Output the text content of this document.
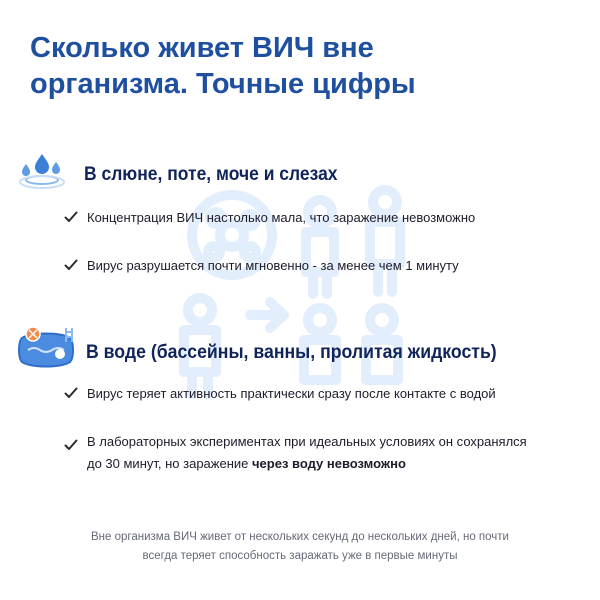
Сколько живет ВИЧ вне
организма. Точные цифры
В слюне, поте, моче и слезах
Концентрация ВИЧ настолько мала, что заражение невозможно
Вирус разрушается почти мгновенно - за менее чем 1 минуту
В воде (бассейны, ванны, пролитая жидкость)
Вирус теряет активность практически сразу после контакте с водой
В лабораторных экспериментах при идеальных условиях он сохранялся
до 30 минут, но заражение через воду невозможно
Вне организма ВИЧ живет от нескольких секунд до нескольких дней, но почти
всегда теряет способность заражать уже в первые минуты
